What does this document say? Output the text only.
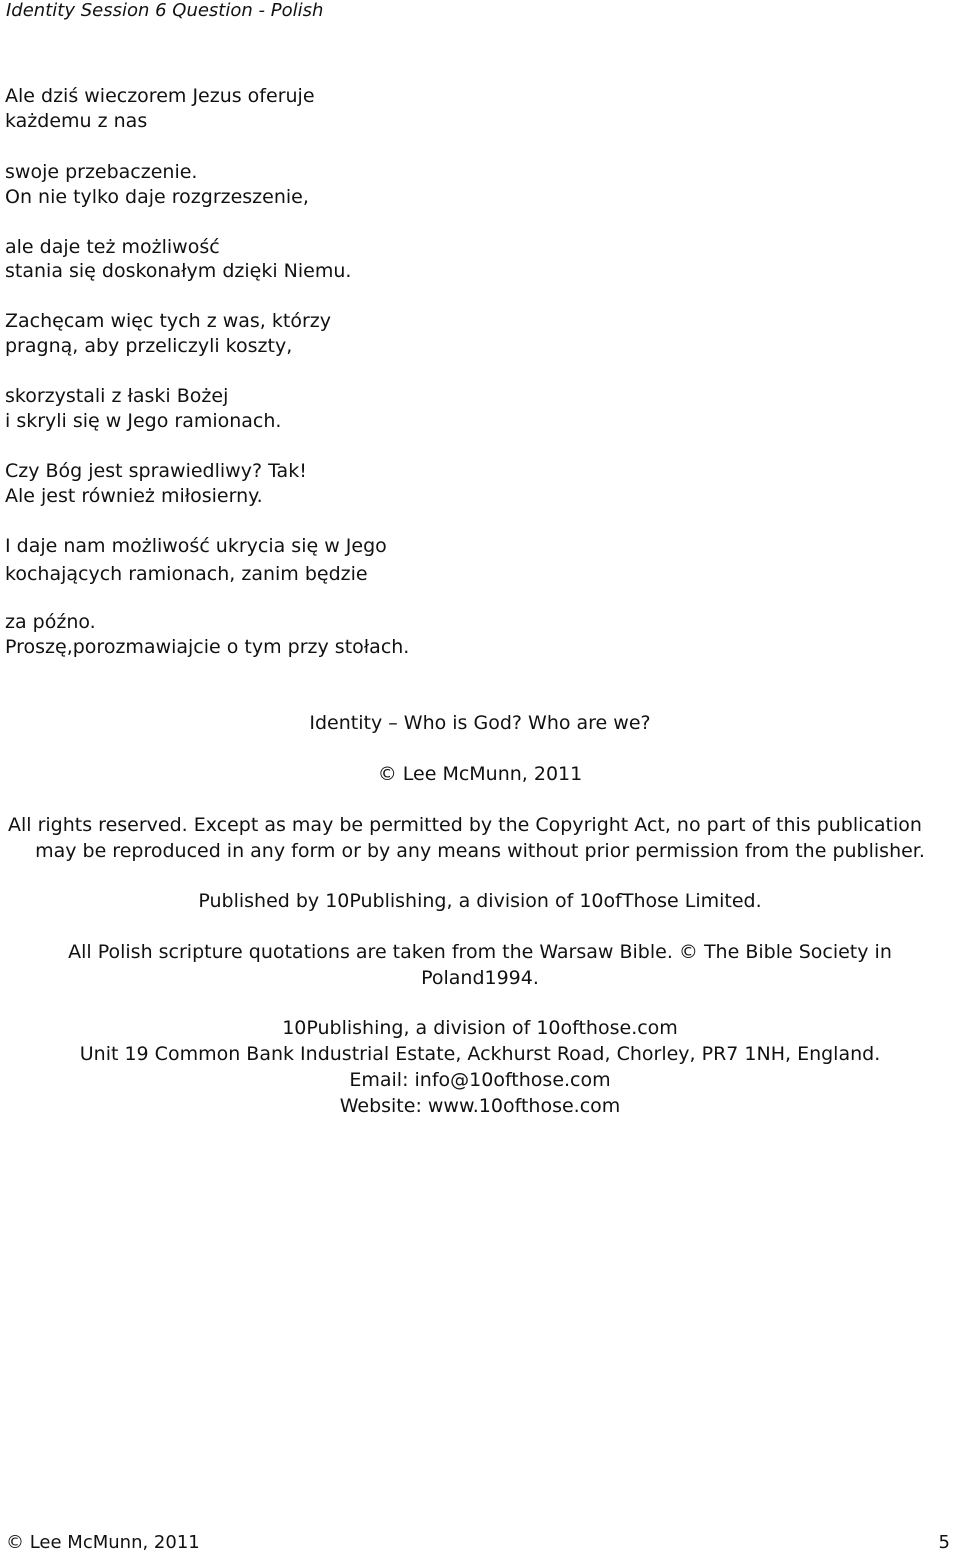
Identity Session 6 Question - Polish
Ale dziś wieczorem Jezus oferuje
każdemu z nas
swoje przebaczenie.
On nie tylko daje rozgrzeszenie,
ale daje też możliwość
stania się doskonałym dzięki Niemu.
Zachęcam więc tych z was, którzy
pragną, aby przeliczyli koszty,
skorzystali z łaski Bożej
i skryli się w Jego ramionach.
Czy Bóg jest sprawiedliwy? Tak!
Ale jest również miłosierny.
I daje nam możliwość ukrycia się w Jego
kochających ramionach, zanim będzie
za późno.
Proszę,porozmawiajcie o tym przy stołach.
Identity – Who is God? Who are we?
© Lee McMunn, 2011
All rights reserved. Except as may be permitted by the Copyright Act, no part of this publication
may be reproduced in any form or by any means without prior permission from the publisher.
Published by 10Publishing, a division of 10ofThose Limited.
All Polish scripture quotations are taken from the Warsaw Bible. © The Bible Society in
Poland1994.
10Publishing, a division of 10ofthose.com
Unit 19 Common Bank Industrial Estate, Ackhurst Road, Chorley, PR7 1NH, England.
Email: info@10ofthose.com
Website: www.10ofthose.com
© Lee McMunn, 2011	5
